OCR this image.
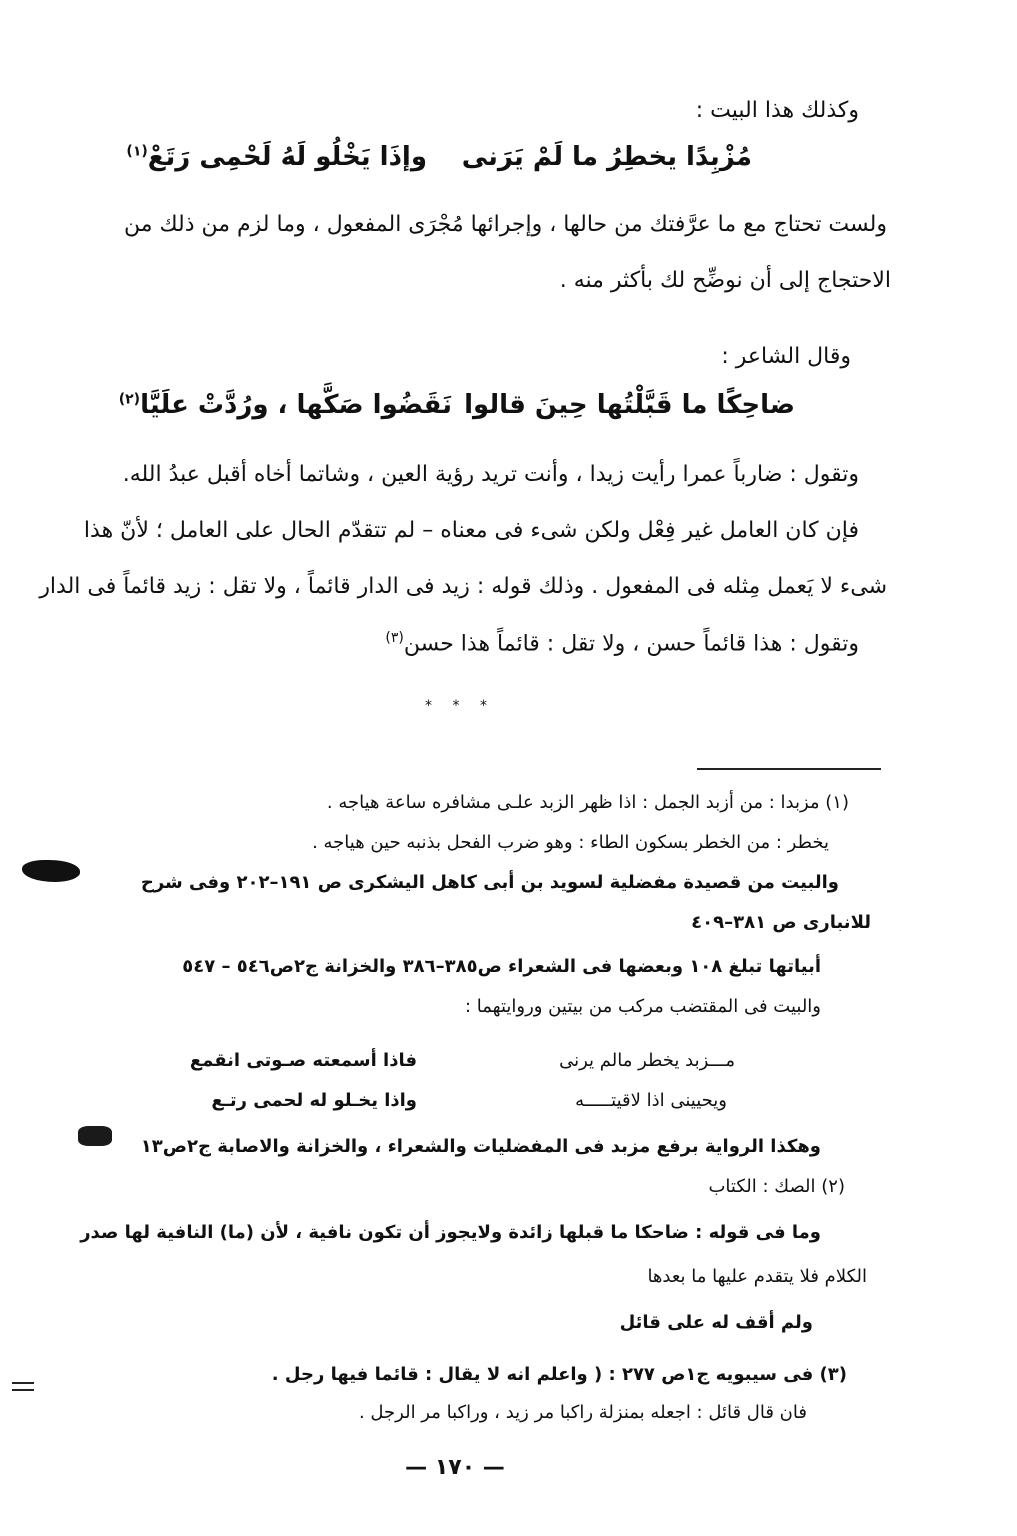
وكذلك هذا البيت :
مُزْبِدًا يخطِرُ ما لَمْ يَرَنى
وإذَا يَخْلُو لَهُ لَحْمِى رَتَعْ$^{(١)}$
ولست تحتاج مع ما عرَّفتك من حالها ، وإجرائها مُجْرَى المفعول ، وما لزم من ذلك من
الاحتجاج إلى أن نوضِّح لك بأكثر منه .
وقال الشاعر :
ضاحِكًا ما قَبَّلْتُها حِينَ قالوا
نَقَضُوا صَكَّها ، ورُدَّتْ علَيَّا$^{(٢)}$
وتقول : ضارباً عمرا رأيت زيدا ، وأنت تريد رؤية العين ، وشاتما أخاه أقبل عبدُ الله.
فإن كان العامل غير فِعْل ولكن شىء فى معناه – لم تتقدّم الحال على العامل ؛ لأنّ هذا
شىء لا يَعمل مِثله فى المفعول . وذلك قوله : زيد فى الدار قائماً ، ولا تقل : زيد قائماً فى الدار
وتقول : هذا قائماً حسن ، ولا تقل : قائماً هذا حسن$^{(٣)}$
* * *
(١) مزبدا : من أزبد الجمل : اذا ظهر الزبد علـى مشافره ساعة هياجه .
يخطر : من الخطر بسكون الطاء : وهو ضرب الفحل بذنبه حين هياجه .
والبيت من قصيدة مفضلية لسويد بن أبى كاهل اليشكرى ص ١٩١–٢٠٢ وفى شرح
للانبارى ص ٣٨١–٤٠٩
أبياتها تبلغ ١٠٨ وبعضها فى الشعراء ص٣٨٥–٣٨٦ والخزانة ج٢ص٥٤٦ – ٥٤٧
والبيت فى المقتضب مركب من بيتين وروايتهما :
مـــزبد يخطر مالم يرنى
فاذا أسمعته صـوتى انقمع
ويحيينى اذا لاقيتـــــه
واذا يخـلو له لحمى رتـع
وهكذا الرواية برفع مزبد فى المفضليات والشعراء ، والخزانة والاصابة ج٢ص١٣
(٢) الصك : الكتاب
وما فى قوله : ضاحكا ما قبلها زائدة ولايجوز أن تكون نافية ، لأن (ما) النافية لها صدر
الكلام فلا يتقدم عليها ما بعدها
ولم أقف له على قائل
(٣) فى سيبويه ج١ص ٢٧٧ : ( واعلم انه لا يقال : قائما فيها رجل .
فان قال قائل : اجعله بمنزلة راكبا مر زيد ، وراكبا مر الرجل .
— ١٧٠ —
